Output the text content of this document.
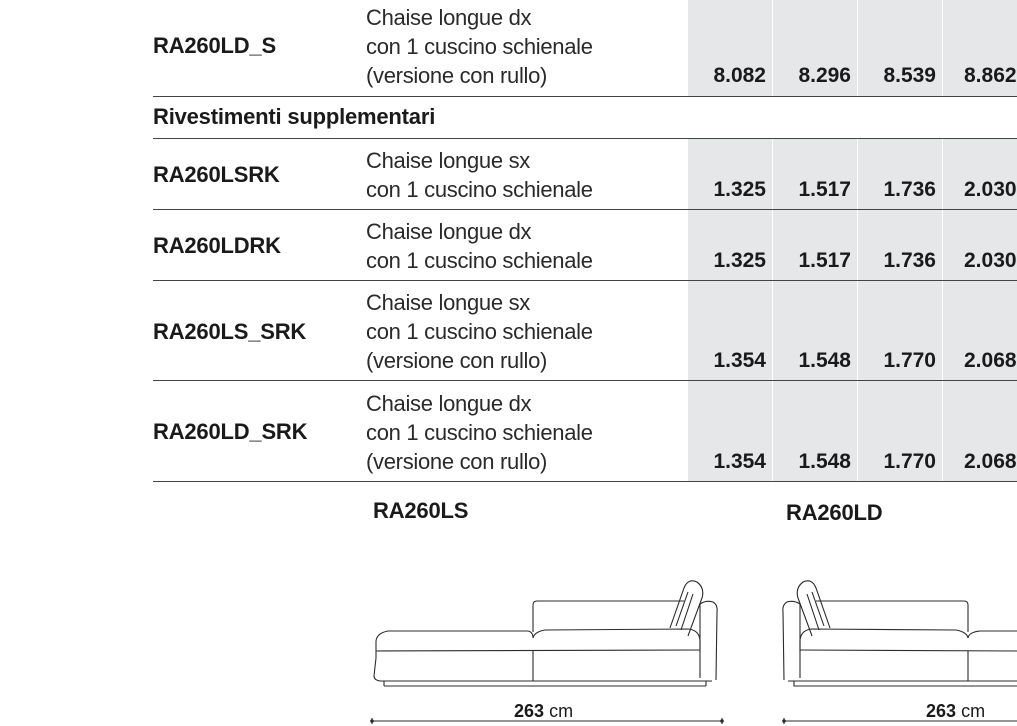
RA260LD_S
Chaise longue dx
con 1 cuscino schienale
(versione con rullo)	8.082	8.296	8.539 8.862
Rivestimenti supplementari
RA260LSRK
Chaise longue sx
con 1 cuscino schienale	1.325	1.517	1.736 2.030
RA260LDRK
Chaise longue dx
con 1 cuscino schienale	1.325	1.517	1.736 2.030
RA260LS_SRK
Chaise longue sx
con 1 cuscino schienale
(versione con rullo)	1.354	1.548	1.770 2.068
RA260LD_SRK
Chaise longue dx
con 1 cuscino schienale
(versione con rullo)	1.354	1.548	1.770 2.068
RA260LS	RA260LD
263 cm	263 cm
